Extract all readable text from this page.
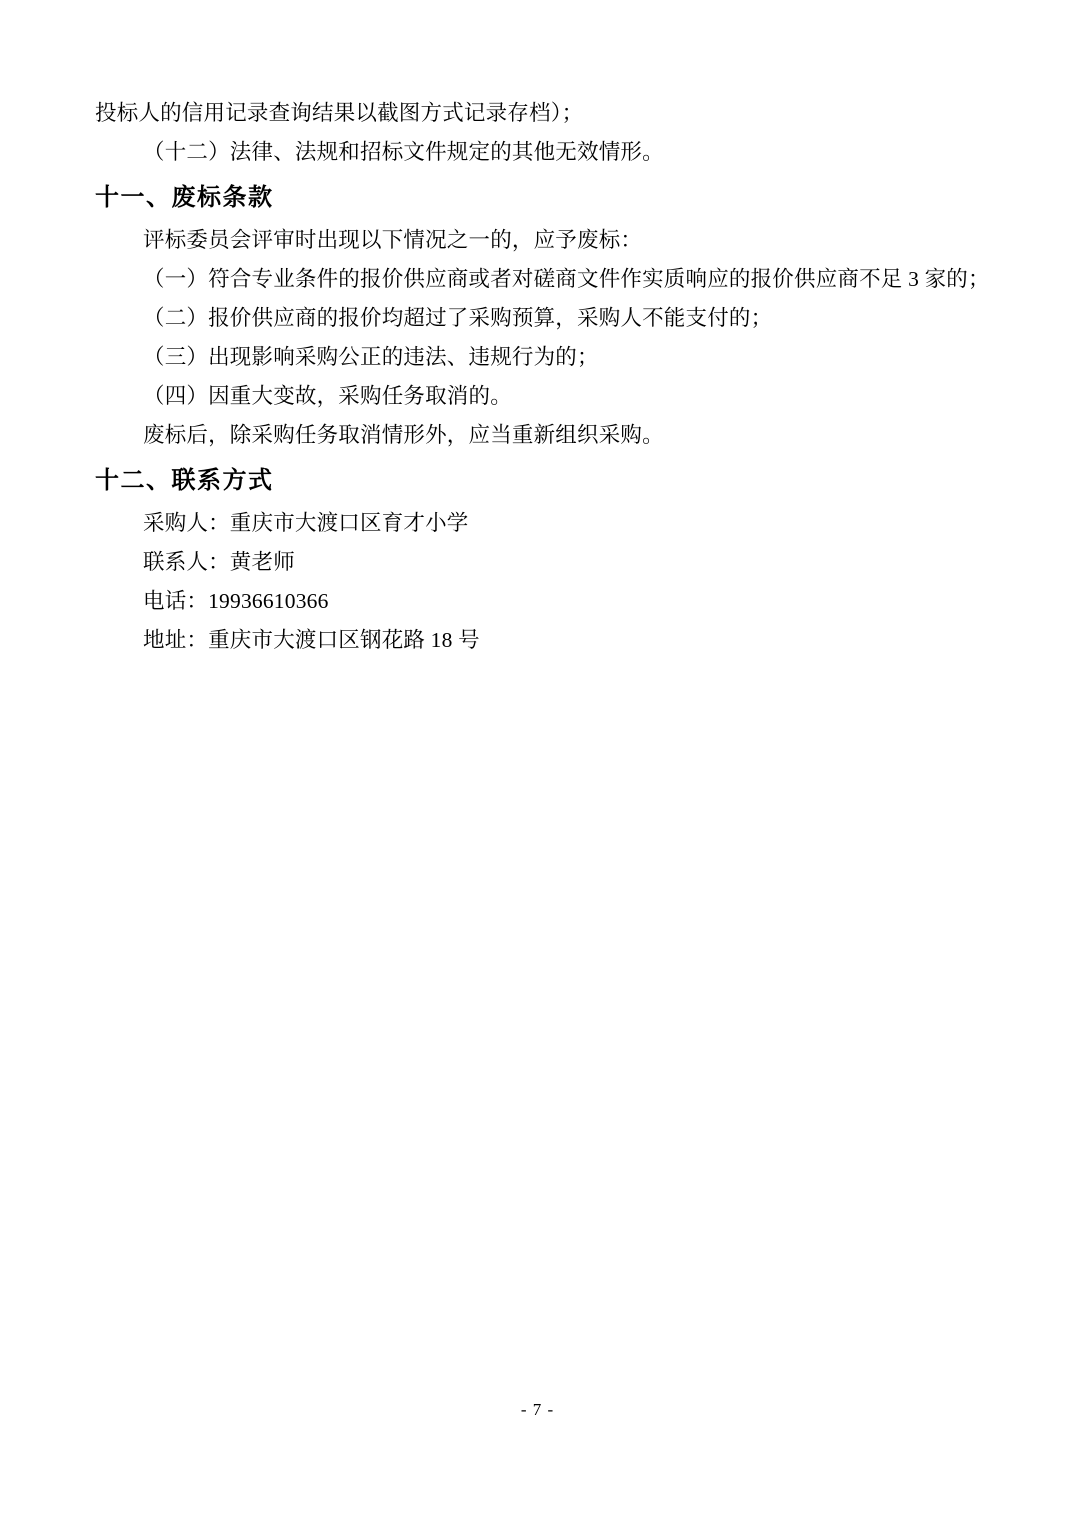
投标人的信用记录查询结果以截图方式记录存档）；

（十二）法律、法规和招标文件规定的其他无效情形。

十一、废标条款

评标委员会评审时出现以下情况之一的，应予废标：

（一）符合专业条件的报价供应商或者对磋商文件作实质响应的报价供应商不足 3 家的；

（二）报价供应商的报价均超过了采购预算，采购人不能支付的；

（三）出现影响采购公正的违法、违规行为的；

（四）因重大变故，采购任务取消的。

废标后，除采购任务取消情形外，应当重新组织采购。

十二、联系方式

采购人：重庆市大渡口区育才小学

联系人：黄老师

电话：19936610366

地址：重庆市大渡口区钢花路 18 号

- 7 -
